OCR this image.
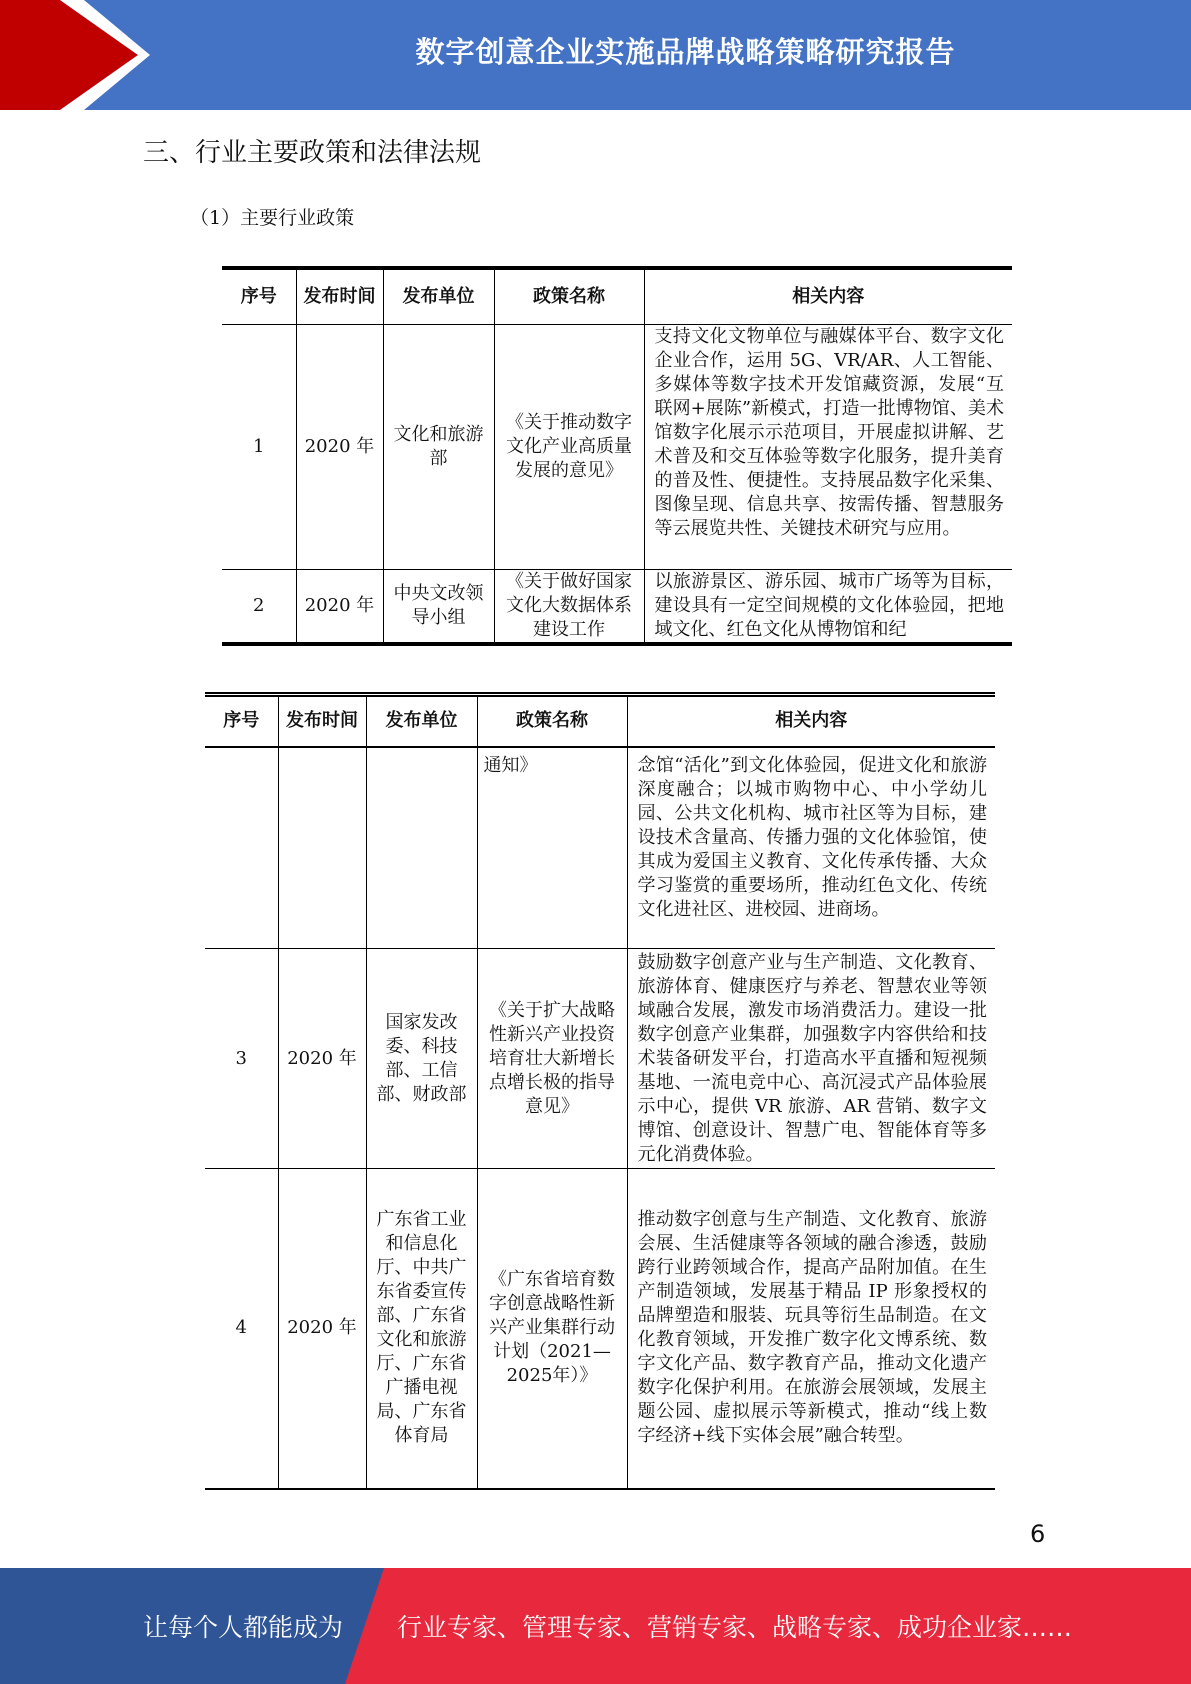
数字创意企业实施品牌战略策略研究报告
三、行业主要政策和法律法规
（1）主要行业政策
序号	发布时间	发布单位	政策名称	相关内容
1	2020 年	文化和旅游部	《关于推动数字文化产业高质量发展的意见》	支持文化文物单位与融媒体平台、数字文化企业合作，运用 5G、VR/AR、人工智能、多媒体等数字技术开发馆藏资源，发展“互联网+展陈”新模式，打造一批博物馆、美术馆数字化展示示范项目，开展虚拟讲解、艺术普及和交互体验等数字化服务，提升美育的普及性、便捷性。支持展品数字化采集、图像呈现、信息共享、按需传播、智慧服务等云展览共性、关键技术研究与应用。
2	2020 年	中央文改领导小组	《关于做好国家文化大数据体系建设工作	以旅游景区、游乐园、城市广场等为目标，建设具有一定空间规模的文化体验园，把地域文化、红色文化从博物馆和纪
序号	发布时间	发布单位	政策名称	相关内容
			通知》	念馆“活化”到文化体验园，促进文化和旅游深度融合；以城市购物中心、中小学幼儿园、公共文化机构、城市社区等为目标，建设技术含量高、传播力强的文化体验馆，使其成为爱国主义教育、文化传承传播、大众学习鉴赏的重要场所，推动红色文化、传统文化进社区、进校园、进商场。
3	2020 年	国家发改委、科技部、工信部、财政部	《关于扩大战略性新兴产业投资培育壮大新增长点增长极的指导意见》	鼓励数字创意产业与生产制造、文化教育、旅游体育、健康医疗与养老、智慧农业等领域融合发展，激发市场消费活力。建设一批数字创意产业集群，加强数字内容供给和技术装备研发平台，打造高水平直播和短视频基地、一流电竞中心、高沉浸式产品体验展示中心，提供 VR 旅游、AR 营销、数字文博馆、创意设计、智慧广电、智能体育等多元化消费体验。
4	2020 年	广东省工业和信息化厅、中共广东省委宣传部、广东省文化和旅游厅、广东省广播电视局、广东省体育局	《广东省培育数字创意战略性新兴产业集群行动计划（2021—2025年）》	推动数字创意与生产制造、文化教育、旅游会展、生活健康等各领域的融合渗透，鼓励跨行业跨领域合作，提高产品附加值。在生产制造领域，发展基于精品 IP 形象授权的品牌塑造和服装、玩具等衍生品制造。在文化教育领域，开发推广数字化文博系统、数字文化产品、数字教育产品，推动文化遗产数字化保护利用。在旅游会展领域，发展主题公园、虚拟展示等新模式，推动“线上数字经济+线下实体会展”融合转型。
6
让每个人都能成为 行业专家、管理专家、营销专家、战略专家、成功企业家……
